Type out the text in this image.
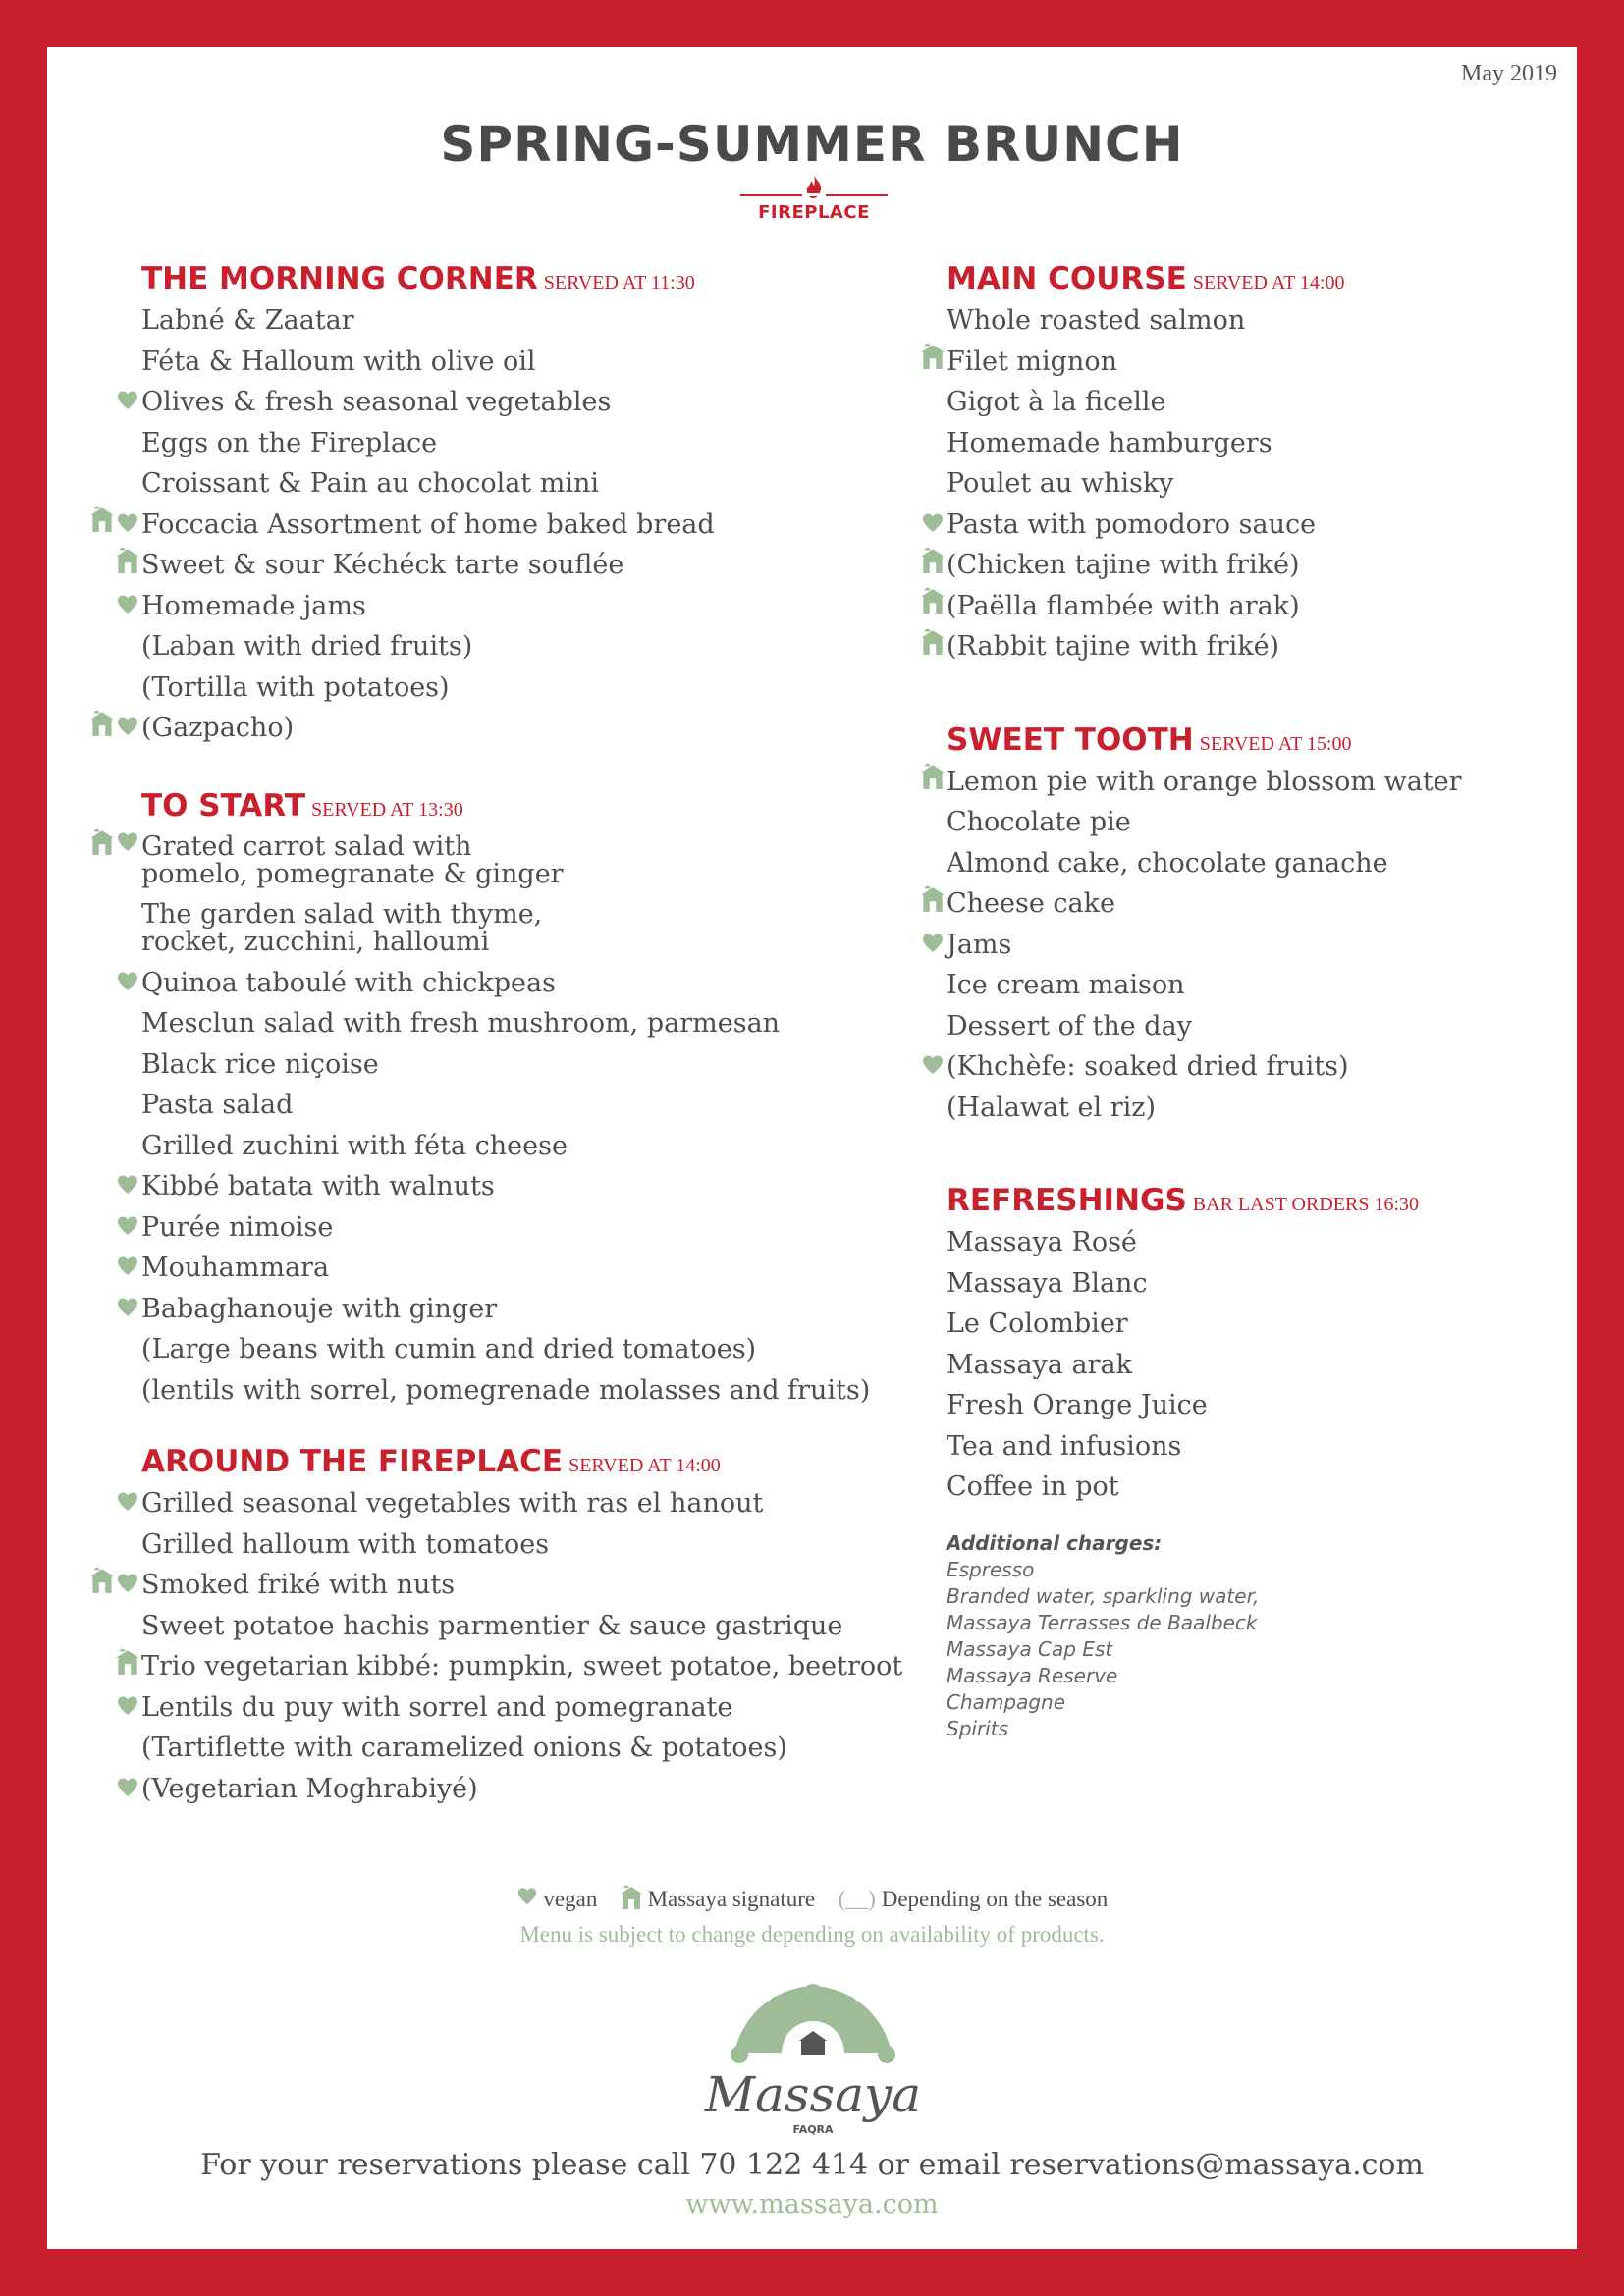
May 2019
SPRING-SUMMER BRUNCH
FIREPLACE
THE MORNING CORNER SERVED AT 11:30
Labné & Zaatar
Féta & Halloum with olive oil
Olives & fresh seasonal vegetables
Eggs on the Fireplace
Croissant & Pain au chocolat mini
Foccacia Assortment of home baked bread
Sweet & sour Kéchéck tarte souflée
Homemade jams
(Laban with dried fruits)
(Tortilla with potatoes)
(Gazpacho)
TO START SERVED AT 13:30
Grated carrot salad with pomelo, pomegranate & ginger
The garden salad with thyme, rocket, zucchini, halloumi
Quinoa taboulé with chickpeas
Mesclun salad with fresh mushroom, parmesan
Black rice niçoise
Pasta salad
Grilled zuchini with féta cheese
Kibbé batata with walnuts
Purée nimoise
Mouhammara
Babaghanouje with ginger
(Large beans with cumin and dried tomatoes)
(lentils with sorrel, pomegrenade molasses and fruits)
AROUND THE FIREPLACE SERVED AT 14:00
Grilled seasonal vegetables with ras el hanout
Grilled halloum with tomatoes
Smoked friké with nuts
Sweet potatoe hachis parmentier & sauce gastrique
Trio vegetarian kibbé: pumpkin, sweet potatoe, beetroot
Lentils du puy with sorrel and pomegranate
(Tartiflette with caramelized onions & potatoes)
(Vegetarian Moghrabiyé)
MAIN COURSE SERVED AT 14:00
Whole roasted salmon
Filet mignon
Gigot à la ficelle
Homemade hamburgers
Poulet au whisky
Pasta with pomodoro sauce
(Chicken tajine with friké)
(Paëlla flambée with arak)
(Rabbit tajine with friké)
SWEET TOOTH SERVED AT 15:00
Lemon pie with orange blossom water
Chocolate pie
Almond cake, chocolate ganache
Cheese cake
Jams
Ice cream maison
Dessert of the day
(Khchèfe: soaked dried fruits)
(Halawat el riz)
REFRESHINGS BAR LAST ORDERS 16:30
Massaya Rosé
Massaya Blanc
Le Colombier
Massaya arak
Fresh Orange Juice
Tea and infusions
Coffee in pot
Additional charges:
Espresso
Branded water, sparkling water,
Massaya Terrasses de Baalbeck
Massaya Cap Est
Massaya Reserve
Champagne
Spirits
vegan Massaya signature (__) Depending on the season
Menu is subject to change depending on availability of products.
Massaya
FAQRA
For your reservations please call 70 122 414 or email reservations@massaya.com
www.massaya.com
